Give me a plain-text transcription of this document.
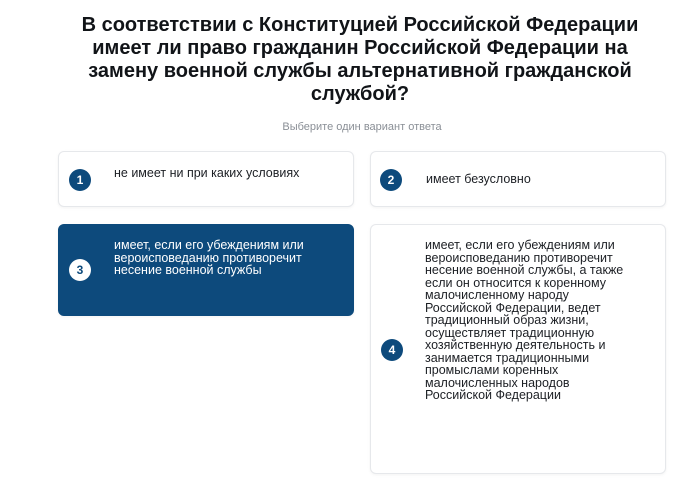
В соответствии с Конституцией Российской Федерации имеет ли право гражданин Российской Федерации на замену военной службы альтернативной гражданской службой?
Выберите один вариант ответа
1	не имеет ни при каких условиях	2	имеет безусловно
3
имеет, если его убеждениям или вероисповеданию противоречит несение военной службы
4
имеет, если его убеждениям или вероисповеданию противоречит несение военной службы, а также если он относится к коренному малочисленному народу Российской Федерации, ведет традиционный образ жизни, осуществляет традиционную хозяйственную деятельность и занимается традиционными промыслами коренных малочисленных народов Российской Федерации
